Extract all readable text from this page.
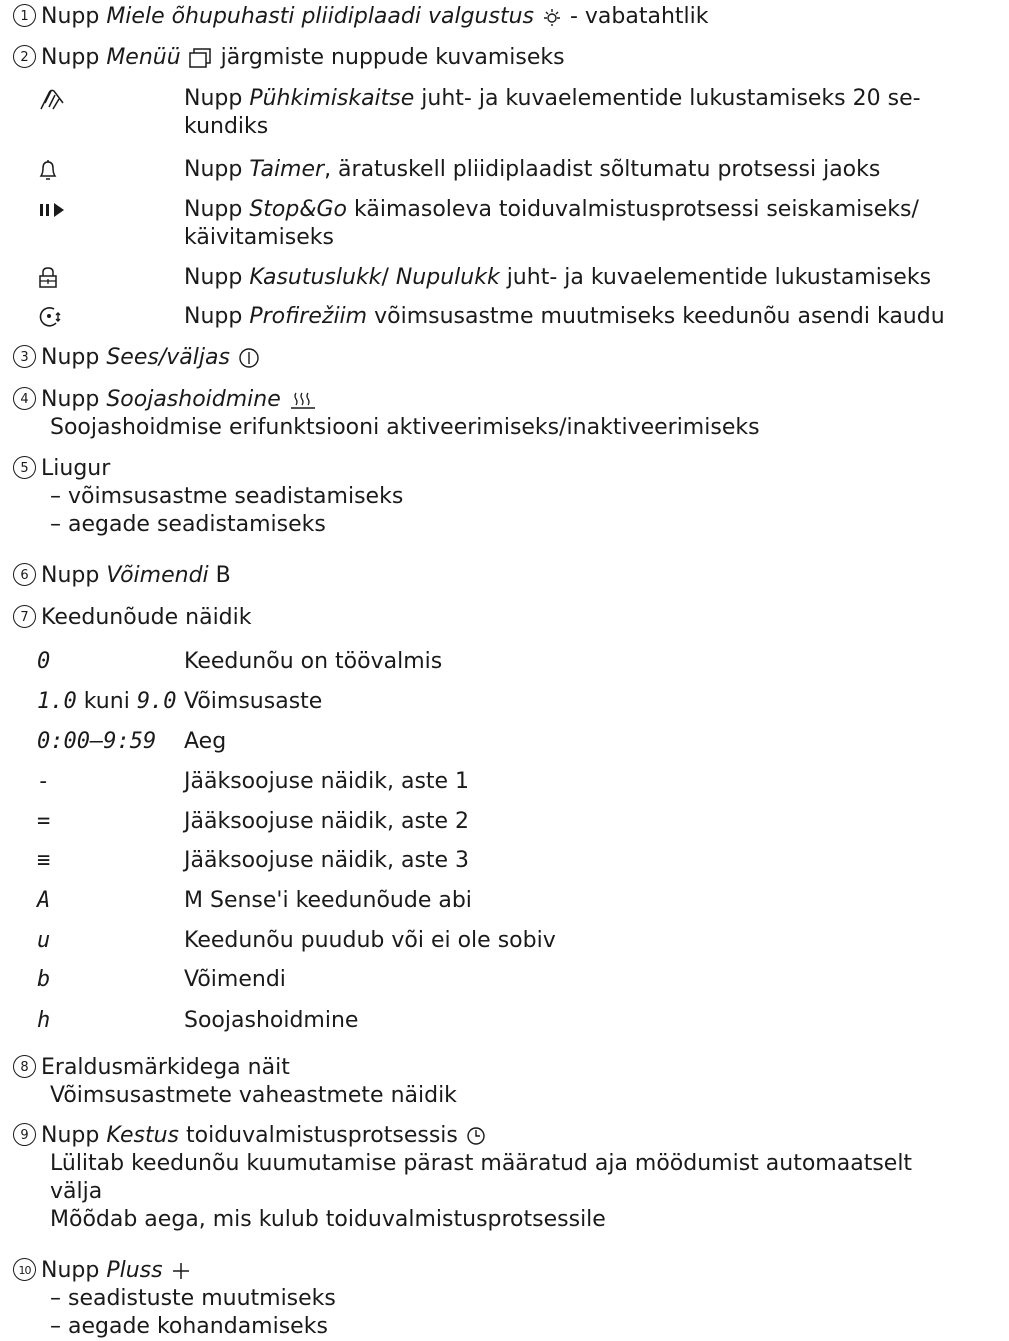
1 Nupp Miele õhupuhasti pliidiplaadi valgustus  - vabatahtlik
2 Nupp Menüü  järgmiste nuppude kuvamiseks
Nupp Pühkimiskaitse juht- ja kuvaelementide lukustamiseks 20 se-
kundiks
Nupp Taimer, äratuskell pliidiplaadist sõltumatu protsessi jaoks
Nupp Stop&Go käimasoleva toiduvalmistusprotsessi seiskamiseks/
käivitamiseks
Nupp Kasutuslukk/ Nupulukk juht- ja kuvaelementide lukustamiseks
Nupp Profirežiim võimsusastme muutmiseks keedunõu asendi kaudu
3 Nupp Sees/väljas
4 Nupp Soojashoidmine
Soojashoidmise erifunktsiooni aktiveerimiseks/inaktiveerimiseks
5 Liugur
– võimsusastme seadistamiseks
– aegade seadistamiseks
6 Nupp Võimendi B
7 Keedunõude näidik
0	Keedunõu on töövalmis
1.0 kuni 9.0 Võimsusaste
0:00–9:59	Aeg
-	Jääksoojuse näidik, aste 1
=	Jääksoojuse näidik, aste 2
≡	Jääksoojuse näidik, aste 3
A	M Sense'i keedunõude abi
u	Keedunõu puudub või ei ole sobiv
b	Võimendi
h	Soojashoidmine
8 Eraldusmärkidega näit
Võimsusastmete vaheastmete näidik
9 Nupp Kestus toiduvalmistusprotsessis
Lülitab keedunõu kuumutamise pärast määratud aja möödumist automaatselt
välja
Mõõdab aega, mis kulub toiduvalmistusprotsessile
10 Nupp Pluss
– seadistuste muutmiseks
– aegade kohandamiseks
